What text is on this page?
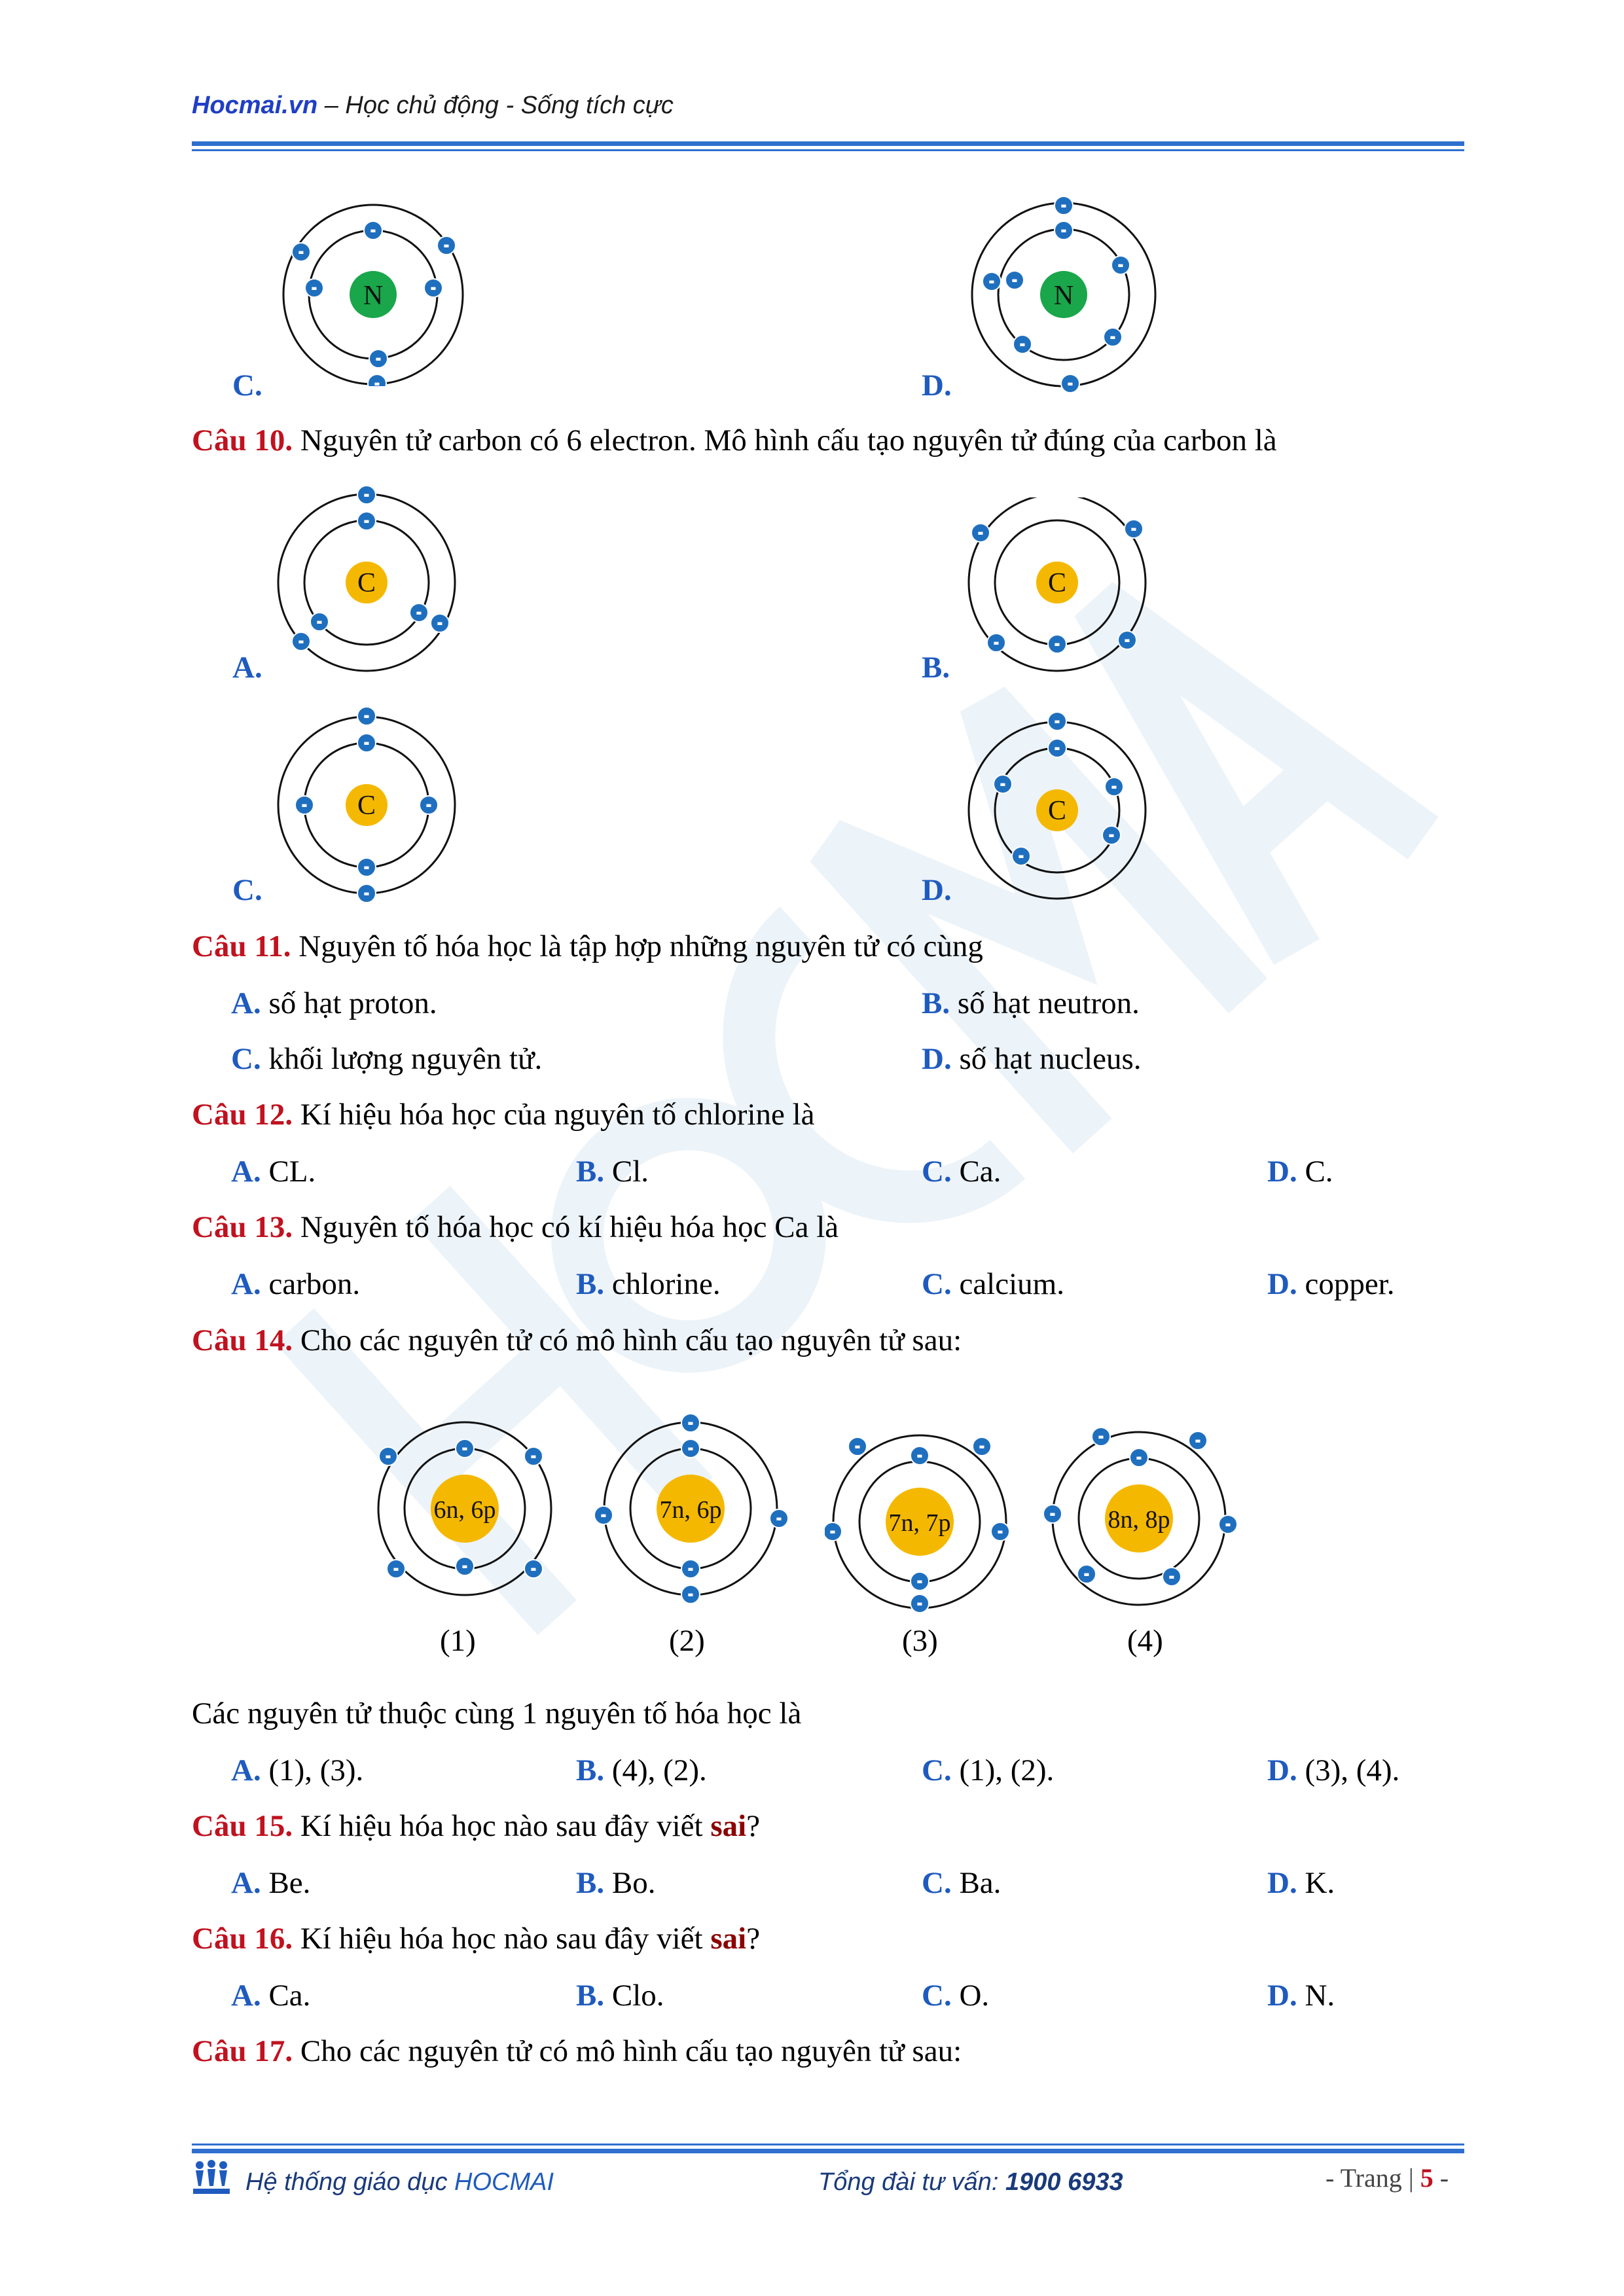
Hocmai.vn – Học chủ động - Sống tích cực
N
-
-
-
-	-
-
-
C.
N
-
-
-
-
-
-	-
-
D.
Câu 10. Nguyên tử carbon có 6 electron. Mô hình cấu tạo nguyên tử đúng của carbon là
C
-
-
-
-
-
-
A.
C
-	-
-	-	-
B.
C
-
-
-	-
-
-
C.
C
-
-
-	-
-
-
D.
Câu 11. Nguyên tố hóa học là tập hợp những nguyên tử có cùng
A. số hạt proton.	B. số hạt neutron.
C. khối lượng nguyên tử.	D. số hạt nucleus.
Câu 12. Kí hiệu hóa học của nguyên tố chlorine là
A. CL.	B. Cl.	C. Ca.	D. C.
Câu 13. Nguyên tố hóa học có kí hiệu hóa học Ca là
A. carbon.	B. chlorine.	C. calcium.	D. copper.
Câu 14. Cho các nguyên tử có mô hình cấu tạo nguyên tử sau:
6n, 6p
-
-
-
-	-	-
(1)
7n, 6p
-
-
-	-
-
-
(2)
7n, 7p
-
-
-
-	-
-
-
(3)
8n, 8p
-
-
-
-
-
-	-
(4)
Các nguyên tử thuộc cùng 1 nguyên tố hóa học là
A. (1), (3).	B. (4), (2).	C. (1), (2).	D. (3), (4).
Câu 15. Kí hiệu hóa học nào sau đây viết sai?
A. Be.	B. Bo.	C. Ba.	D. K.
Câu 16. Kí hiệu hóa học nào sau đây viết sai?
A. Ca.	B. Clo.	C. O.	D. N.
Câu 17. Cho các nguyên tử có mô hình cấu tạo nguyên tử sau:
Hệ thống giáo dục HOCMAI	Tổng đài tư vấn: 1900 6933	- Trang | 5 -
